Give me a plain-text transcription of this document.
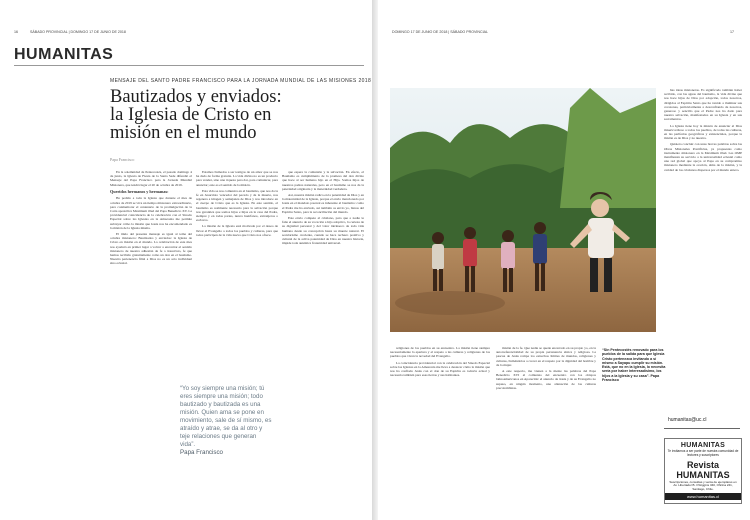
16	SÁBADO PROVINCIAL | DOMINGO 17 DE JUNIO DE 2018
HUMANITAS
MENSAJE DEL SANTO PADRE FRANCISCO PARA LA JORNADA MUNDIAL DE LAS MISIONES 2018
Bautizados y enviados:
la Iglesia de Cristo en
misión en el mundo
Papa Francisco

En la solemnidad de Pentecostés, el pasado domingo 4 de junio, la Iglesia de Fiesta de la Santa Sede difundió el Mensaje del Papa Francisco para la Jornada Mundial Misionera, que tendrá lugar el 20 de octubre de 2019.

Queridos hermanos y hermanas:

He pedido a toda la Iglesia que durante el mes de octubre de 2019 se viva un tiempo misionero extraordinario, para conmemorar el centenario de la promulgación de la Carta apostólica Maximum illud del Papa Benedicto XV. La providencial coincidencia de la celebración con el Sínodo Especial sobre las Iglesias en la Amazonía me permite subrayar cómo la misión que Jesús nos ha encomendado es la misión de la Iglesia misma.

El título del presente mensaje es igual al tema del octubre misionero: Bautizados y enviados: la Iglesia de Cristo en misión en el mundo. La celebración de este mes nos ayudará en primer lugar a volver a encontrar el sentido misionero de nuestra adhesión de fe a Jesucristo, fe que hemos recibido gratuitamente como un don en el bautismo. Nuestra pertenencia filial a Dios no es un acto individual sino eclesial.

Estamos llamados a ser testigos de un amor que se nos ha dado de forma gratuita. La vida divina no es un producto para vender, sino una riqueza para dar, para comunicar, para anunciar; este es el sentido de la misión.

Esta vida se nos comunica en el bautismo, que nos da la fe en Jesucristo vencedor del pecado y de la muerte, nos regenera a imagen y semejanza de Dios y nos introduce en el cuerpo de Cristo que es la Iglesia. En este sentido, el bautismo es realmente necesario para la salvación porque nos garantiza que somos hijos e hijas en la casa del Padre, siempre y en todas partes, nunca huérfanos, extranjeros o esclavos.

La misión de la Iglesia está motivada por el deseo de llevar el Evangelio a todos los pueblos y culturas, para que todos participen de la vida nueva que Cristo nos ofrece.

que espera la comunión y la salvación. En efecto, el Bautismo es cumplimiento de la promesa del don divino que hace al ser humano hijo en el Hijo. Somos hijos de nuestros padres naturales, pero en el bautismo se nos da la paternidad originaria y la maternidad verdadera.

Así, nuestra misión radica en la paternidad de Dios y en la maternidad de la Iglesia, porque el envío mencionado por Jesús en el mandato pascual es inherente al bautismo: como el Padre me ha enviado, así también os envío yo, llenos del Espíritu Santo, para la reconciliación del mundo.

Este envío compete al cristiano, para que a nadie le falte el anuncio de su vocación a hijo adoptivo, la certeza de su dignidad personal y del valor intrínseco de toda vida humana desde su concepción hasta su muerte natural. El secularismo creciente, cuando se hace rechazo positivo y cultural de la activa paternidad de Dios en nuestra historia, impide toda auténtica fraternidad universal.

“Yo soy siempre una misión; tú eres siempre una misión; todo bautizado y bautizada es una misión. Quien ama se pone en movimiento, sale de sí mismo, es atraído y atrae, se da al otro y teje relaciones que generan vida”.
Papa Francisco
DOMINGO 17 DE JUNIO DE 2018 | SÁBADO PROVINCIAL	17

ñas ideas misioneras. Es significado también haber recibido, con las aguas del bautismo, la vida divina que nos hace hijos de Dios por adopción, todos nosotros, dirigidos al Espíritu Santo que ha venido a iluminar sus corazones, particularmente a desconfiando de nosotros, generoso y sencillo que el Padre nos ha dado para nuestra salvación, manifestados en su Iglesia y en sus sacramentos.

La Iglesia tiene hoy la misión de anunciar al Dios misericordioso a todos los pueblos, de todas las culturas, en las periferias geográficas y existenciales, porque la misión es de Dios y no nuestra.

Quisiera concluir con unas breves palabras sobre las Obras Misionales Pontificias, ya propuestas como instrumento misionero en la Maximum illud. Las OMP manifiestan su servicio a la universalidad eclesial como una red global que apoya al Papa en su compromiso misionero mediante la oración, alma de la misión, y la caridad de los cristianos dispersos por el mundo entero.

religiones de los pueblos en su encuentro. La misión tiene siempre necesariamente la apertura y el respeto a las culturas y religiones de los pueblos que viven la novedad del Evangelio.

La coincidencia providencial con la celebración del Sínodo Especial sobre las Iglesias en la Amazonía me lleva a destacar cómo la misión que nos ha confiado Jesús con el don de su Espíritu es todavía actual y necesaria también para esas tierras y sus habitantes.

misión de la fe. Que nadie se quede encerrado en su propio yo, en la autorreferencialidad de su propia pertenencia étnica y religiosa. La pascua de Jesús rompe los estrechos límites de mundos, religiones y culturas, llamándolos a crecer en el respeto por la dignidad del hombre y de la mujer.

A este respecto, me vienen a la mente las palabras del Papa Benedicto XVI al comienzo del encuentro con los obispos latinoamericanos en Aparecida: el anuncio de Jesús y de su Evangelio no supuso, en ningún momento, una alienación de las culturas precolombinas.

“Sin Pentecostés renovado para los pueblos de la salida para que Iglesia Cristo pertenezca invitando a sí mismo a Sayapu cumplir su misión. Está, que no en la Iglesia, lo necesita sería por haber interesadísimo, los hijos a la Iglesia y su casa”. Papa Francisco
humanitas@uc.cl
HUMANITAS
Te invitamos a ser parte de nuestra comunidad de lectores y suscriptores
Revista HUMANITAS
Suscripciones, consultas y venta de ejemplares en Av. Libertador B. O'Higgins 340, Oficina 241, Santiago, Chile.
www.humanitas.cl
